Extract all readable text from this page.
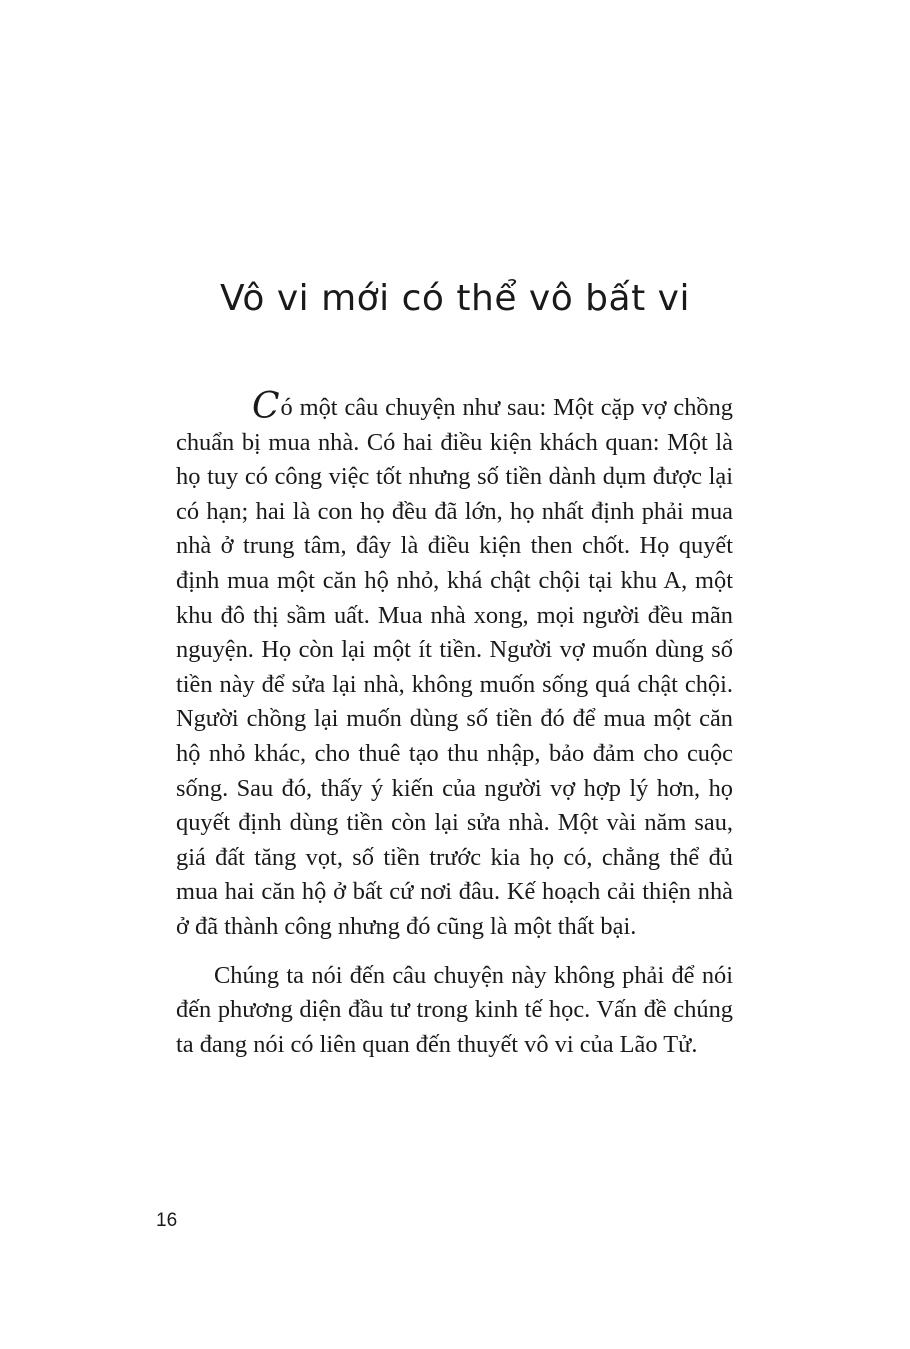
Vô vi mới có thể vô bất vi

Có một câu chuyện như sau: Một cặp vợ chồng chuẩn bị mua nhà. Có hai điều kiện khách quan: Một là họ tuy có công việc tốt nhưng số tiền dành dụm được lại có hạn; hai là con họ đều đã lớn, họ nhất định phải mua nhà ở trung tâm, đây là điều kiện then chốt. Họ quyết định mua một căn hộ nhỏ, khá chật chội tại khu A, một khu đô thị sầm uất. Mua nhà xong, mọi người đều mãn nguyện. Họ còn lại một ít tiền. Người vợ muốn dùng số tiền này để sửa lại nhà, không muốn sống quá chật chội. Người chồng lại muốn dùng số tiền đó để mua một căn hộ nhỏ khác, cho thuê tạo thu nhập, bảo đảm cho cuộc sống. Sau đó, thấy ý kiến của người vợ hợp lý hơn, họ quyết định dùng tiền còn lại sửa nhà. Một vài năm sau, giá đất tăng vọt, số tiền trước kia họ có, chẳng thể đủ mua hai căn hộ ở bất cứ nơi đâu. Kế hoạch cải thiện nhà ở đã thành công nhưng đó cũng là một thất bại.

Chúng ta nói đến câu chuyện này không phải để nói đến phương diện đầu tư trong kinh tế học. Vấn đề chúng ta đang nói có liên quan đến thuyết vô vi của Lão Tử.

16
